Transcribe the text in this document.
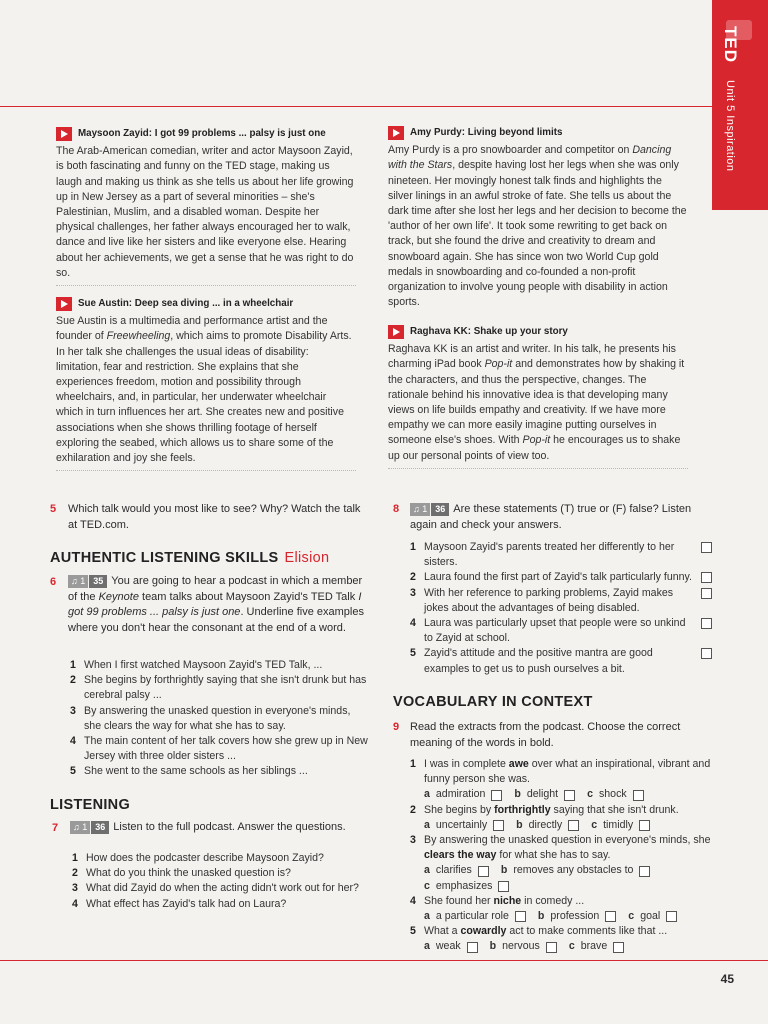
TED
Unit 5 Inspiration
Maysoon Zayid: I got 99 problems ... palsy is just one

The Arab-American comedian, writer and actor Maysoon Zayid, is both fascinating and funny on the TED stage, making us laugh and making us think as she tells us about her life growing up in New Jersey as a part of several minorities – she's Palestinian, Muslim, and a disabled woman. Despite her physical challenges, her father always encouraged her to walk, dance and live like her sisters and like everyone else. Hearing about her achievements, we get a sense that he was right to do so.

Sue Austin: Deep sea diving ... in a wheelchair

Sue Austin is a multimedia and performance artist and the founder of Freewheeling, which aims to promote Disability Arts. In her talk she challenges the usual ideas of disability: limitation, fear and restriction. She explains that she experiences freedom, motion and possibility through wheelchairs, and, in particular, her underwater wheelchair which in turn influences her art. She creates new and positive associations when she shows thrilling footage of herself exploring the seabed, which allows us to share some of the exhilaration and joy she feels.

Amy Purdy: Living beyond limits

Amy Purdy is a pro snowboarder and competitor on Dancing with the Stars, despite having lost her legs when she was only nineteen. Her movingly honest talk finds and highlights the silver linings in an awful stroke of fate. She tells us about the dark time after she lost her legs and her decision to become the 'author of her own life'. It took some rewriting to get back on track, but she found the drive and creativity to dream and snowboard again. She has since won two World Cup gold medals in snowboarding and co-founded a non-profit organization to involve young people with disability in action sports.

Raghava KK: Shake up your story

Raghava KK is an artist and writer. In his talk, he presents his charming iPad book Pop-it and demonstrates how by shaking it the characters, and thus the perspective, changes. The rationale behind his innovative idea is that developing many views on life builds empathy and creativity. If we have more empathy we can more easily imagine putting ourselves in someone else's shoes. With Pop-it he encourages us to shake up our personal points of view too.

5 Which talk would you most like to see? Why? Watch the talk at TED.com.
AUTHENTIC LISTENING SKILLS Elision
6	♫ 1 35 You are going to hear a podcast in which a member of the Keynote team talks about Maysoon Zayid's TED Talk I got 99 problems ... palsy is just one. Underline five examples where you don't hear the consonant at the end of a word.
1 When I first watched Maysoon Zayid's TED Talk, ...
2 She begins by forthrightly saying that she isn't drunk but has cerebral palsy ...
3 By answering the unasked question in everyone's minds, she clears the way for what she has to say.
4 The main content of her talk covers how she grew up in New Jersey with three older sisters ...
5 She went to the same schools as her siblings ...
LISTENING
7	♫ 1 36 Listen to the full podcast. Answer the questions.
1 How does the podcaster describe Maysoon Zayid?
2 What do you think the unasked question is?
3 What did Zayid do when the acting didn't work out for her?
4 What effect has Zayid's talk had on Laura?
8	♫ 1 36 Are these statements (T) true or (F) false? Listen again and check your answers.
1 Maysoon Zayid's parents treated her differently to her sisters.
2 Laura found the first part of Zayid's talk particularly funny.
3 With her reference to parking problems, Zayid makes jokes about the advantages of being disabled.
4 Laura was particularly upset that people were so unkind to Zayid at school.
5 Zayid's attitude and the positive mantra are good examples to get us to push ourselves a bit.
VOCABULARY IN CONTEXT
9 Read the extracts from the podcast. Choose the correct meaning of the words in bold.
1 I was in complete awe over what an inspirational, vibrant and funny person she was.
a admiration	b delight	c shock
2 She begins by forthrightly saying that she isn't drunk.
a uncertainly	b directly	c timidly
3 By answering the unasked question in everyone's minds, she clears the way for what she has to say.
a clarifies	b removes any obstacles to
c emphasizes
4 She found her niche in comedy ...
a a particular role	b profession	c goal
5 What a cowardly act to make comments like that ...
a weak	b nervous	c brave
45
